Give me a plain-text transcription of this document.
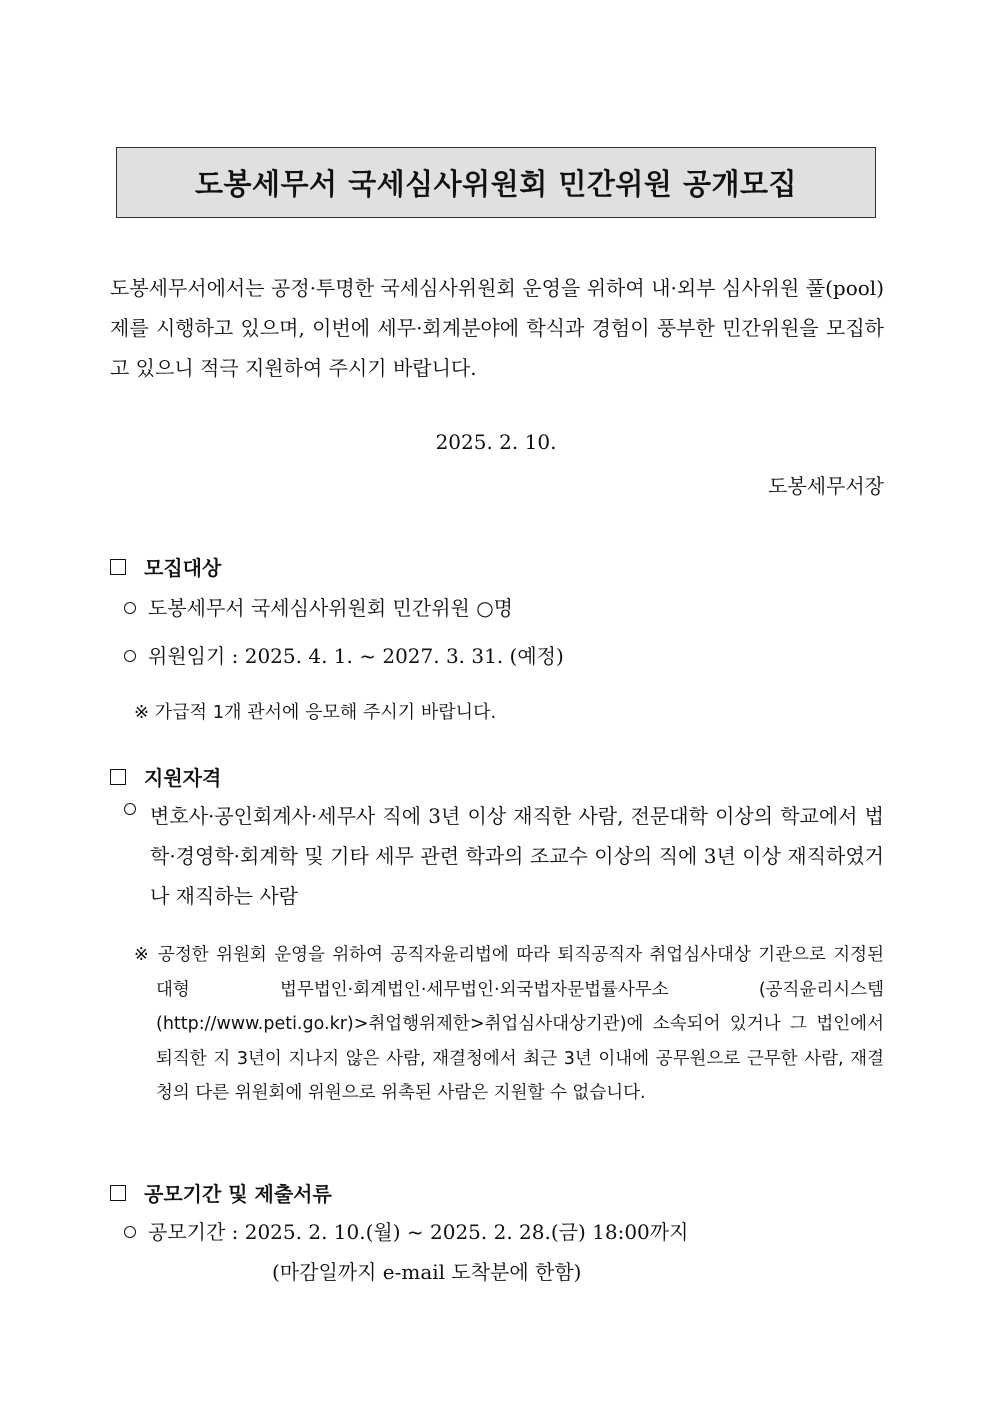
도봉세무서 국세심사위원회 민간위원 공개모집

도봉세무서에서는 공정·투명한 국세심사위원회 운영을 위하여 내·외부 심사위원 풀(pool)제를 시행하고 있으며, 이번에 세무·회계분야에 학식과 경험이 풍부한 민간위원을 모집하고 있으니 적극 지원하여 주시기 바랍니다.

2025. 2. 10.

도봉세무서장

모집대상

도봉세무서 국세심사위원회 민간위원 ○명

위원임기 : 2025. 4. 1. ~ 2027. 3. 31. (예정)

※ 가급적 1개 관서에 응모해 주시기 바랍니다.

지원자격

변호사·공인회계사·세무사 직에 3년 이상 재직한 사람, 전문대학 이상의 학교에서 법학·경영학·회계학 및 기타 세무 관련 학과의 조교수 이상의 직에 3년 이상 재직하였거나 재직하는 사람

※ 공정한 위원회 운영을 위하여 공직자윤리법에 따라 퇴직공직자 취업심사대상 기관으로 지정된 대형 법무법인·회계법인·세무법인·외국법자문법률사무소 (공직윤리시스템(http://www.peti.go.kr)>취업행위제한>취업심사대상기관)에 소속되어 있거나 그 법인에서 퇴직한 지 3년이 지나지 않은 사람, 재결청에서 최근 3년 이내에 공무원으로 근무한 사람, 재결청의 다른 위원회에 위원으로 위촉된 사람은 지원할 수 없습니다.

공모기간 및 제출서류

공모기간 : 2025. 2. 10.(월) ~ 2025. 2. 28.(금) 18:00까지

(마감일까지 e-mail 도착분에 한함)
